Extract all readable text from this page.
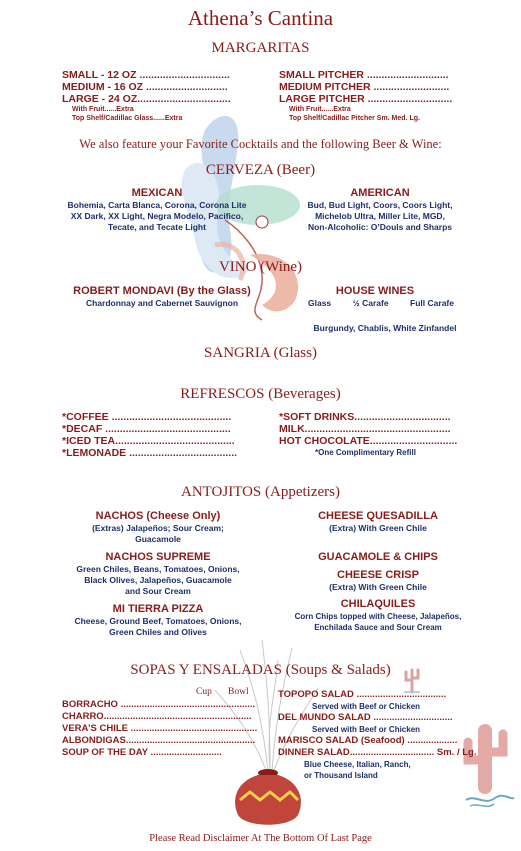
Athena’s Cantina
MARGARITAS
SMALL - 12 OZ ...............................
MEDIUM - 16 OZ ............................
LARGE - 24 OZ................................
With Fruit......Extra
Top Shelf/Cadillac Glass......Extra
SMALL PITCHER ............................
MEDIUM PITCHER ..........................
LARGE PITCHER .............................
With Fruit......Extra
Top Shelf/Cadillac Pitcher Sm. Med. Lg.
We also feature your Favorite Cocktails and the following Beer & Wine:
CERVEZA (Beer)
MEXICAN
Bohemia, Carta Blanca, Corona, Corona Lite
XX Dark, XX Light, Negra Modelo, Pacifico,
Tecate, and Tecate Light
AMERICAN
Bud, Bud Light, Coors, Coors Light,
Michelob Ultra, Miller Lite, MGD,
Non-Alcoholic: O’Douls and Sharps
VINO (Wine)
ROBERT MONDAVI (By the Glass)
Chardonnay and Cabernet Sauvignon
HOUSE WINES
Glass	½ Carafe	Full Carafe
Burgundy, Chablis, White Zinfandel
SANGRIA (Glass)
REFRESCOS (Beverages)
*COFFEE .........................................
*DECAF ...........................................
*ICED TEA.........................................
*LEMONADE .....................................
*SOFT DRINKS.................................
MILK..................................................
HOT CHOCOLATE..............................
*One Complimentary Refill
ANTOJITOS (Appetizers)
NACHOS (Cheese Only)
(Extras) Jalapeños; Sour Cream;
Guacamole
NACHOS SUPREME
Green Chiles, Beans, Tomatoes, Onions,
Black Olives, Jalapeños, Guacamole
and Sour Cream
MI TIERRA PIZZA
Cheese, Ground Beef, Tomatoes, Onions,
Green Chiles and Olives
CHEESE QUESADILLA
(Extra) With Green Chile
GUACAMOLE & CHIPS
CHEESE CRISP
(Extra) With Green Chile
CHILAQUILES
Corn Chips topped with Cheese, Jalapeños,
Enchilada Sauce and Sour Cream
SOPAS Y ENSALADAS (Soups & Salads)
Cup Bowl
BORRACHO ...................................................
CHARRO........................................................
VERA’S CHILE ................................................
ALBONDIGAS.................................................
SOUP OF THE DAY ...........................
TOPOPO SALAD ..................................
Served with Beef or Chicken
DEL MUNDO SALAD ..............................
Served with Beef or Chicken
MARISCO SALAD (Seafood) ...................
DINNER SALAD................................ Sm. / Lg.
Blue Cheese, Italian, Ranch,
or Thousand Island
Please Read Disclaimer At The Bottom Of Last Page
